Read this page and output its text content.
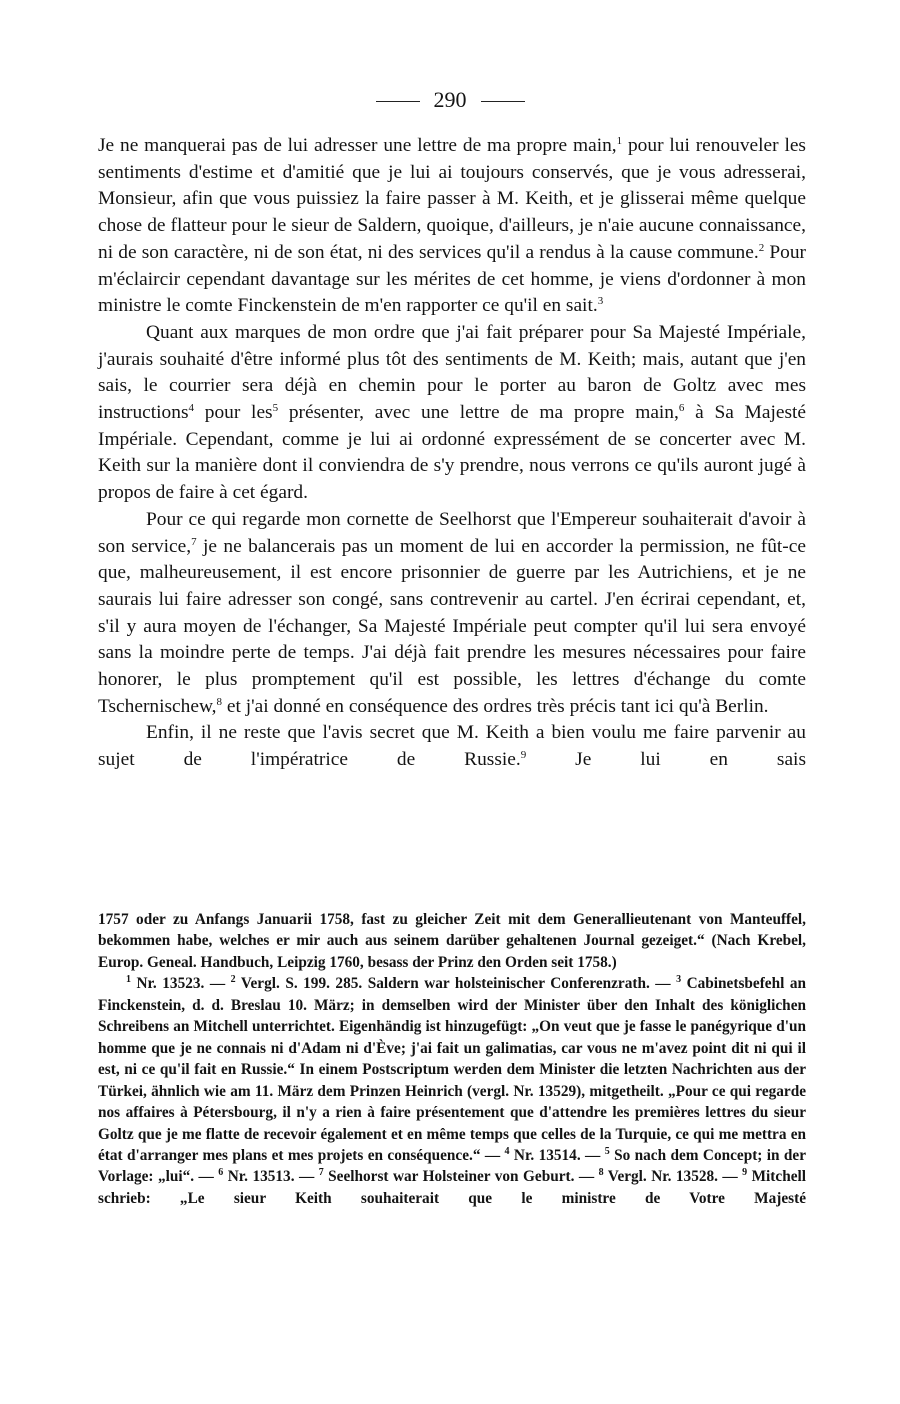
290

Je ne manquerai pas de lui adresser une lettre de ma propre main,$^1$ pour lui renouveler les sentiments d'estime et d'amitié que je lui ai toujours conservés, que je vous adresserai, Monsieur, afin que vous puissiez la faire passer à M. Keith, et je glisserai même quelque chose de flatteur pour le sieur de Saldern, quoique, d'ailleurs, je n'aie aucune connaissance, ni de son caractère, ni de son état, ni des services qu'il a rendus à la cause commune.$^2$ Pour m'éclaircir cependant davantage sur les mérites de cet homme, je viens d'ordonner à mon ministre le comte Finckenstein de m'en rapporter ce qu'il en sait.$^3$

Quant aux marques de mon ordre que j'ai fait préparer pour Sa Majesté Impériale, j'aurais souhaité d'être informé plus tôt des sentiments de M. Keith; mais, autant que j'en sais, le courrier sera déjà en chemin pour le porter au baron de Goltz avec mes instructions$^4$ pour les$^5$ présenter, avec une lettre de ma propre main,$^6$ à Sa Majesté Impériale. Cependant, comme je lui ai ordonné expressément de se concerter avec M. Keith sur la manière dont il conviendra de s'y prendre, nous verrons ce qu'ils auront jugé à propos de faire à cet égard.

Pour ce qui regarde mon cornette de Seelhorst que l'Empereur souhaiterait d'avoir à son service,$^7$ je ne balancerais pas un moment de lui en accorder la permission, ne fût-ce que, malheureusement, il est encore prisonnier de guerre par les Autrichiens, et je ne saurais lui faire adresser son congé, sans contrevenir au cartel. J'en écrirai cependant, et, s'il y aura moyen de l'échanger, Sa Majesté Impériale peut compter qu'il lui sera envoyé sans la moindre perte de temps. J'ai déjà fait prendre les mesures nécessaires pour faire honorer, le plus promptement qu'il est possible, les lettres d'échange du comte Tschernischew,$^8$ et j'ai donné en conséquence des ordres très précis tant ici qu'à Berlin.

Enfin, il ne reste que l'avis secret que M. Keith a bien voulu me faire parvenir au sujet de l'impératrice de Russie.$^9$ Je lui en sais

1757 oder zu Anfangs Januarii 1758, fast zu gleicher Zeit mit dem Generallieutenant von Manteuffel, bekommen habe, welches er mir auch aus seinem darüber gehaltenen Journal gezeiget.“ (Nach Krebel, Europ. Geneal. Handbuch, Leipzig 1760, besass der Prinz den Orden seit 1758.)

$^1$ Nr. 13523. — $^2$ Vergl. S. 199. 285. Saldern war holsteinischer Conferenzrath. — $^3$ Cabinetsbefehl an Finckenstein, d. d. Breslau 10. März; in demselben wird der Minister über den Inhalt des königlichen Schreibens an Mitchell unterrichtet. Eigenhändig ist hinzugefügt: „On veut que je fasse le panégyrique d'un homme que je ne connais ni d'Adam ni d'Ève; j'ai fait un galimatias, car vous ne m'avez point dit ni qui il est, ni ce qu'il fait en Russie.“ In einem Postscriptum werden dem Minister die letzten Nachrichten aus der Türkei, ähnlich wie am 11. März dem Prinzen Heinrich (vergl. Nr. 13529), mitgetheilt. „Pour ce qui regarde nos affaires à Pétersbourg, il n'y a rien à faire présentement que d'attendre les premières lettres du sieur Goltz que je me flatte de recevoir également et en même temps que celles de la Turquie, ce qui me mettra en état d'arranger mes plans et mes projets en conséquence.“ — $^4$ Nr. 13514. — $^5$ So nach dem Concept; in der Vorlage: „lui“. — $^6$ Nr. 13513. — $^7$ Seelhorst war Holsteiner von Geburt. — $^8$ Vergl. Nr. 13528. — $^9$ Mitchell schrieb: „Le sieur Keith souhaiterait que le ministre de Votre Majesté
